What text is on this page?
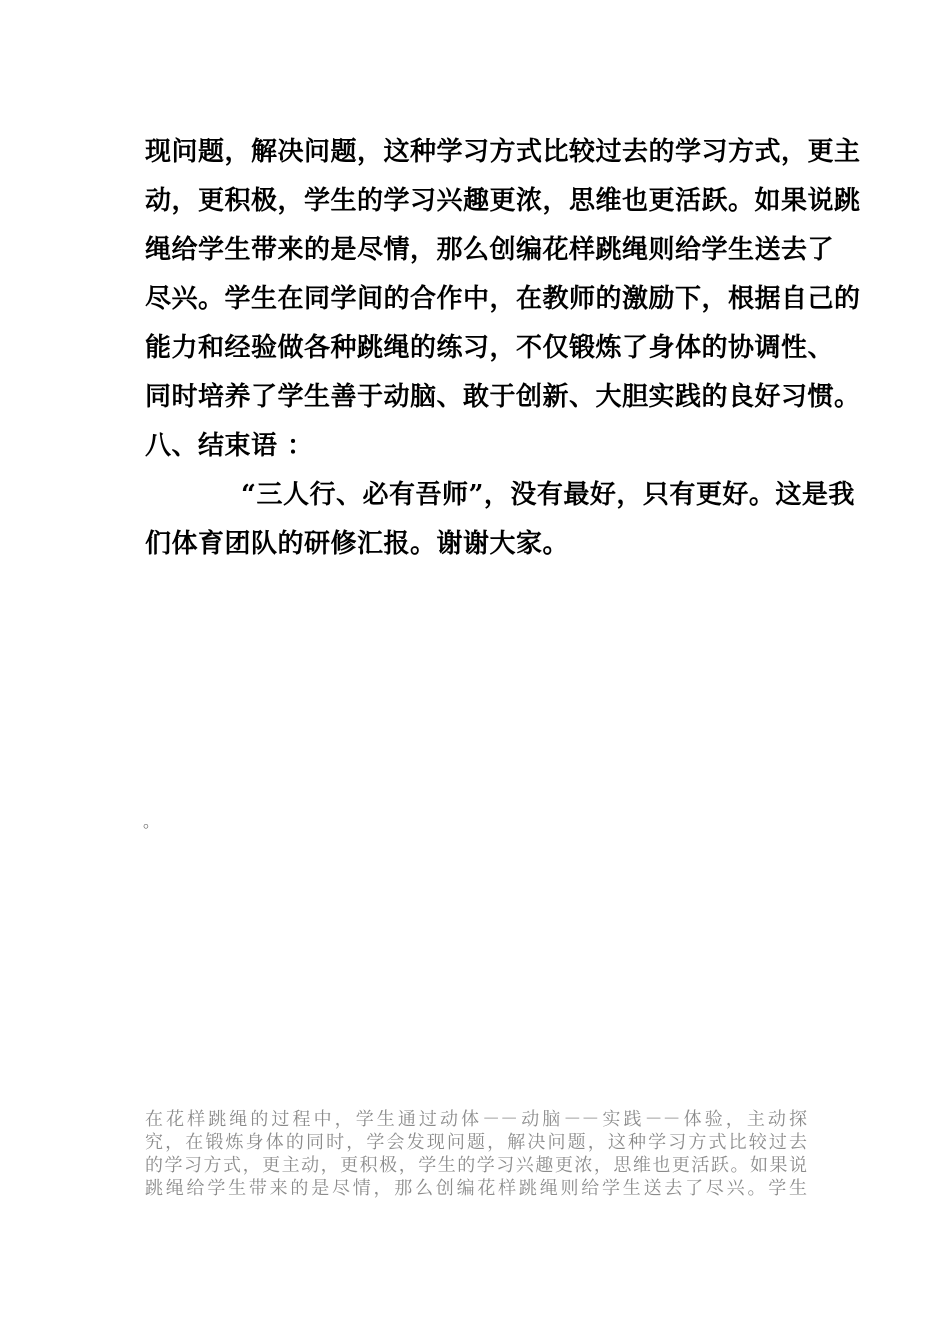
现问题，解决问题，这种学习方式比较过去的学习方式，更主
动，更积极，学生的学习兴趣更浓，思维也更活跃。如果说跳
绳给学生带来的是尽情，那么创编花样跳绳则给学生送去了
尽兴。学生在同学间的合作中，在教师的激励下，根据自己的
能力和经验做各种跳绳的练习，不仅锻炼了身体的协调性、
同时培养了学生善于动脑、敢于创新、大胆实践的良好习惯。
八、结束语 ：
“三人行、必有吾师”，没有最好，只有更好。这是我
们体育团队的研修汇报。谢谢大家。
。
在花样跳绳的过程中，学生通过动体－－动脑－－实践－－体验，主动探
究，在锻炼身体的同时，学会发现问题，解决问题，这种学习方式比较过去
的学习方式，更主动，更积极，学生的学习兴趣更浓，思维也更活跃。如果说
跳绳给学生带来的是尽情，那么创编花样跳绳则给学生送去了尽兴。学生
